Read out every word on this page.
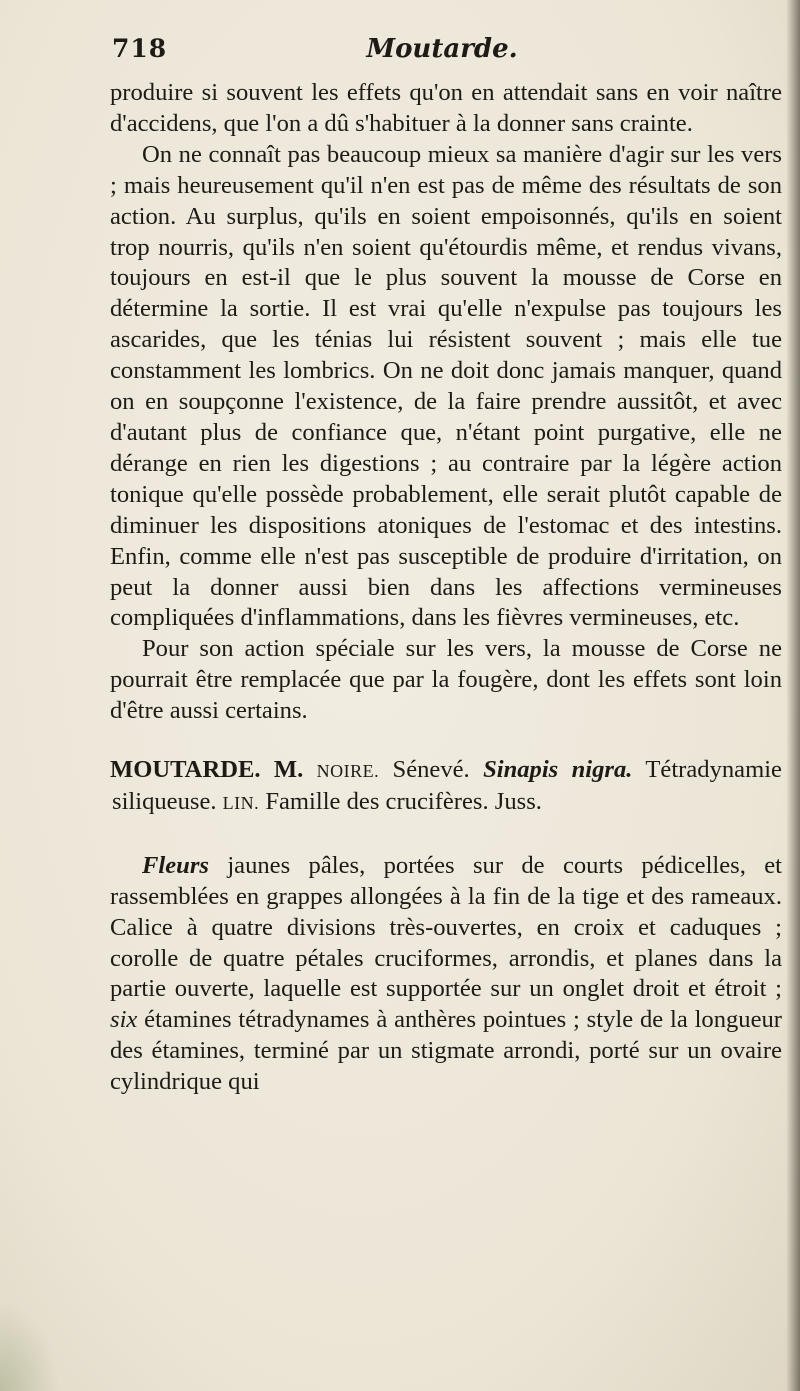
718	Moutarde.

produire si souvent les effets qu'on en attendait sans en voir naître d'accidens, que l'on a dû s'habituer à la donner sans crainte.

On ne connaît pas beaucoup mieux sa manière d'agir sur les vers ; mais heureusement qu'il n'en est pas de même des résultats de son action. Au surplus, qu'ils en soient empoisonnés, qu'ils en soient trop nourris, qu'ils n'en soient qu'étourdis même, et rendus vivans, toujours en est-il que le plus souvent la mousse de Corse en détermine la sortie. Il est vrai qu'elle n'expulse pas toujours les ascarides, que les ténias lui résistent souvent ; mais elle tue constamment les lombrics. On ne doit donc jamais manquer, quand on en soupçonne l'existence, de la faire prendre aussitôt, et avec d'autant plus de confiance que, n'étant point purgative, elle ne dérange en rien les digestions ; au contraire par la légère action tonique qu'elle possède probablement, elle serait plutôt capable de diminuer les dispositions atoniques de l'estomac et des intestins. Enfin, comme elle n'est pas susceptible de produire d'irritation, on peut la donner aussi bien dans les affections vermineuses compliquées d'inflammations, dans les fièvres vermineuses, etc.

Pour son action spéciale sur les vers, la mousse de Corse ne pourrait être remplacée que par la fougère, dont les effets sont loin d'être aussi certains.

MOUTARDE. M. NOIRE. Sénevé. Sinapis nigra. Tétradynamie siliqueuse. LIN. Famille des crucifères. Juss.

Fleurs jaunes pâles, portées sur de courts pédicelles, et rassemblées en grappes allongées à la fin de la tige et des rameaux. Calice à quatre divisions très-ouvertes, en croix et caduques ; corolle de quatre pétales cruciformes, arrondis, et planes dans la partie ouverte, laquelle est supportée sur un onglet droit et étroit ; six étamines tétradynames à anthères pointues ; style de la longueur des étamines, terminé par un stigmate arrondi, porté sur un ovaire cylindrique qui
